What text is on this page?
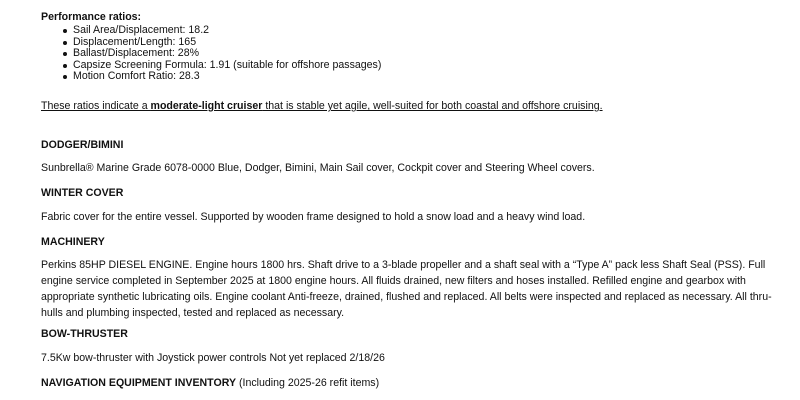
Performance ratios:
Sail Area/Displacement: 18.2
Displacement/Length: 165
Ballast/Displacement: 28%
Capsize Screening Formula: 1.91 (suitable for offshore passages)
Motion Comfort Ratio: 28.3
These ratios indicate a moderate-light cruiser that is stable yet agile, well-suited for both coastal and offshore cruising.
DODGER/BIMINI
Sunbrella® Marine Grade 6078-0000 Blue, Dodger, Bimini, Main Sail cover, Cockpit cover and Steering Wheel covers.
WINTER COVER
Fabric cover for the entire vessel. Supported by wooden frame designed to hold a snow load and a heavy wind load.
MACHINERY
Perkins 85HP DIESEL ENGINE. Engine hours 1800 hrs. Shaft drive to a 3-blade propeller and a shaft seal with a “Type A” pack less Shaft Seal (PSS). Full engine service completed in September 2025 at 1800 engine hours. All fluids drained, new filters and hoses installed. Refilled engine and gearbox with appropriate synthetic lubricating oils. Engine coolant Anti-freeze, drained, flushed and replaced. All belts were inspected and replaced as necessary. All thru-hulls and plumbing inspected, tested and replaced as necessary.
BOW-THRUSTER
7.5Kw bow-thruster with Joystick power controls Not yet replaced 2/18/26
NAVIGATION EQUIPMENT INVENTORY (Including 2025-26 refit items)
